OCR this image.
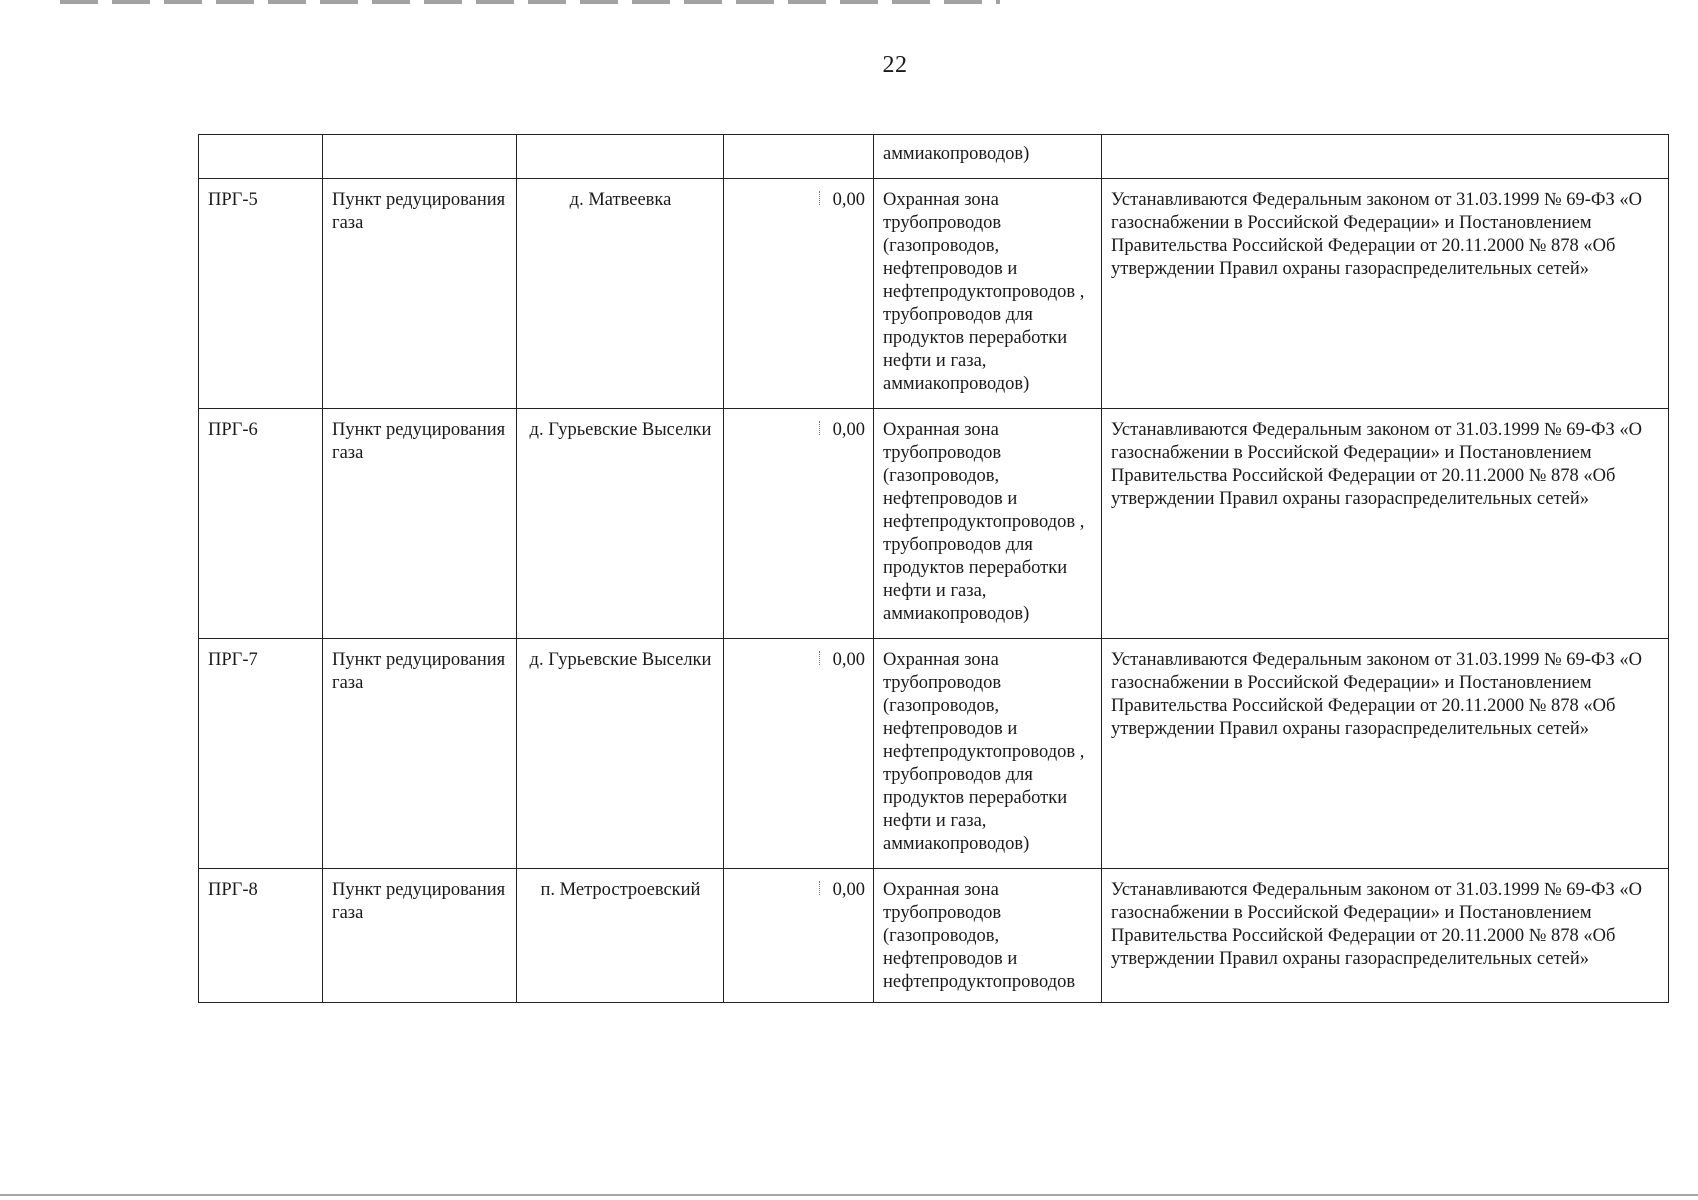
22
				аммиакопроводов)	
ПРГ-5	Пункт редуцирования газа	д. Матвеевка	0,00	Охранная зона трубопроводов (газопроводов, нефтепроводов и нефтепродуктопроводов , трубопроводов для продуктов переработки нефти и газа, аммиакопроводов)	Устанавливаются Федеральным законом от 31.03.1999 № 69-ФЗ «О газоснабжении в Российской Федерации» и Постановлением Правительства Российской Федерации от 20.11.2000 № 878 «Об утверждении Правил охраны газораспределительных сетей»
ПРГ-6	Пункт редуцирования газа	д. Гурьевские Выселки	0,00	Охранная зона трубопроводов (газопроводов, нефтепроводов и нефтепродуктопроводов , трубопроводов для продуктов переработки нефти и газа, аммиакопроводов)	Устанавливаются Федеральным законом от 31.03.1999 № 69-ФЗ «О газоснабжении в Российской Федерации» и Постановлением Правительства Российской Федерации от 20.11.2000 № 878 «Об утверждении Правил охраны газораспределительных сетей»
ПРГ-7	Пункт редуцирования газа	д. Гурьевские Выселки	0,00	Охранная зона трубопроводов (газопроводов, нефтепроводов и нефтепродуктопроводов , трубопроводов для продуктов переработки нефти и газа, аммиакопроводов)	Устанавливаются Федеральным законом от 31.03.1999 № 69-ФЗ «О газоснабжении в Российской Федерации» и Постановлением Правительства Российской Федерации от 20.11.2000 № 878 «Об утверждении Правил охраны газораспределительных сетей»
ПРГ-8	Пункт редуцирования газа	п. Метростроевский	0,00	Охранная зона трубопроводов (газопроводов, нефтепроводов и нефтепродуктопроводов	Устанавливаются Федеральным законом от 31.03.1999 № 69-ФЗ «О газоснабжении в Российской Федерации» и Постановлением Правительства Российской Федерации от 20.11.2000 № 878 «Об утверждении Правил охраны газораспределительных сетей»
